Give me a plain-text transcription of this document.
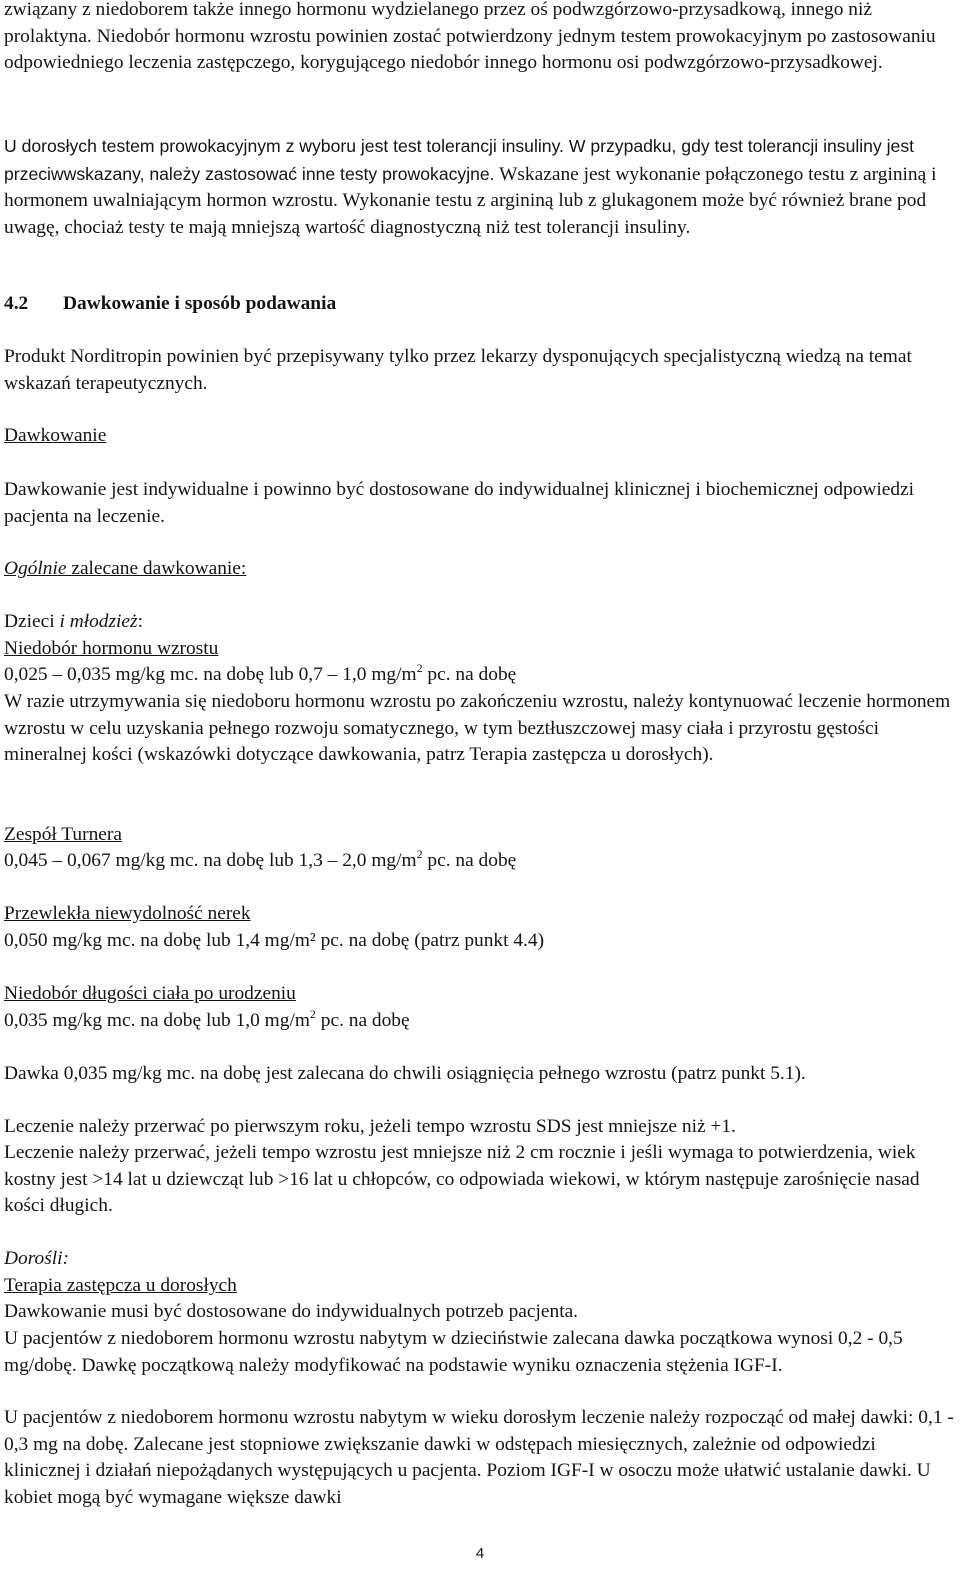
związany z niedoborem także innego hormonu wydzielanego przez oś podwzgórzowo-przysadkową, innego niż prolaktyna. Niedobór hormonu wzrostu powinien zostać potwierdzony jednym testem prowokacyjnym po zastosowaniu odpowiedniego leczenia zastępczego, korygującego niedobór innego hormonu osi podwzgórzowo-przysadkowej.

U dorosłych testem prowokacyjnym z wyboru jest test tolerancji insuliny. W przypadku, gdy test tolerancji insuliny jest przeciwwskazany, należy zastosować inne testy prowokacyjne. Wskazane jest wykonanie połączonego testu z argininą i hormonem uwalniającym hormon wzrostu. Wykonanie testu z argininą lub z glukagonem może być również brane pod uwagę, chociaż testy te mają mniejszą wartość diagnostyczną niż test tolerancji insuliny.

4.2 Dawkowanie i sposób podawania

Produkt Norditropin powinien być przepisywany tylko przez lekarzy dysponujących specjalistyczną wiedzą na temat wskazań terapeutycznych.

Dawkowanie

Dawkowanie jest indywidualne i powinno być dostosowane do indywidualnej klinicznej i biochemicznej odpowiedzi pacjenta na leczenie.

Ogólnie zalecane dawkowanie:

Dzieci i młodzież:

Niedobór hormonu wzrostu

0,025 ‒ 0,035 mg/kg mc. na dobę lub 0,7 ‒ 1,0 $mg/m^2$ pc. na dobę

W razie utrzymywania się niedoboru hormonu wzrostu po zakończeniu wzrostu, należy kontynuować leczenie hormonem wzrostu w celu uzyskania pełnego rozwoju somatycznego, w tym beztłuszczowej masy ciała i przyrostu gęstości mineralnej kości (wskazówki dotyczące dawkowania, patrz Terapia zastępcza u dorosłych).

Zespół Turnera

0,045 ‒ 0,067 mg/kg mc. na dobę lub 1,3 ‒ 2,0 $mg/m^2$ pc. na dobę

Przewlekła niewydolność nerek

0,050 mg/kg mc. na dobę lub 1,4 mg/m² pc. na dobę (patrz punkt 4.4)

Niedobór długości ciała po urodzeniu

0,035 mg/kg mc. na dobę lub 1,0 $mg/m^2$ pc. na dobę

Dawka 0,035 mg/kg mc. na dobę jest zalecana do chwili osiągnięcia pełnego wzrostu (patrz punkt 5.1).

Leczenie należy przerwać po pierwszym roku, jeżeli tempo wzrostu SDS jest mniejsze niż +1.

Leczenie należy przerwać, jeżeli tempo wzrostu jest mniejsze niż 2 cm rocznie i jeśli wymaga to potwierdzenia, wiek kostny jest >14 lat u dziewcząt lub >16 lat u chłopców, co odpowiada wiekowi, w którym następuje zarośnięcie nasad kości długich.

Dorośli:

Terapia zastępcza u dorosłych

Dawkowanie musi być dostosowane do indywidualnych potrzeb pacjenta.

U pacjentów z niedoborem hormonu wzrostu nabytym w dzieciństwie zalecana dawka początkowa wynosi 0,2 - 0,5 mg/dobę. Dawkę początkową należy modyfikować na podstawie wyniku oznaczenia stężenia IGF-I.

U pacjentów z niedoborem hormonu wzrostu nabytym w wieku dorosłym leczenie należy rozpocząć od małej dawki: 0,1 - 0,3 mg na dobę. Zalecane jest stopniowe zwiększanie dawki w odstępach miesięcznych, zależnie od odpowiedzi klinicznej i działań niepożądanych występujących u pacjenta. Poziom IGF-I w osoczu może ułatwić ustalanie dawki. U kobiet mogą być wymagane większe dawki

4
